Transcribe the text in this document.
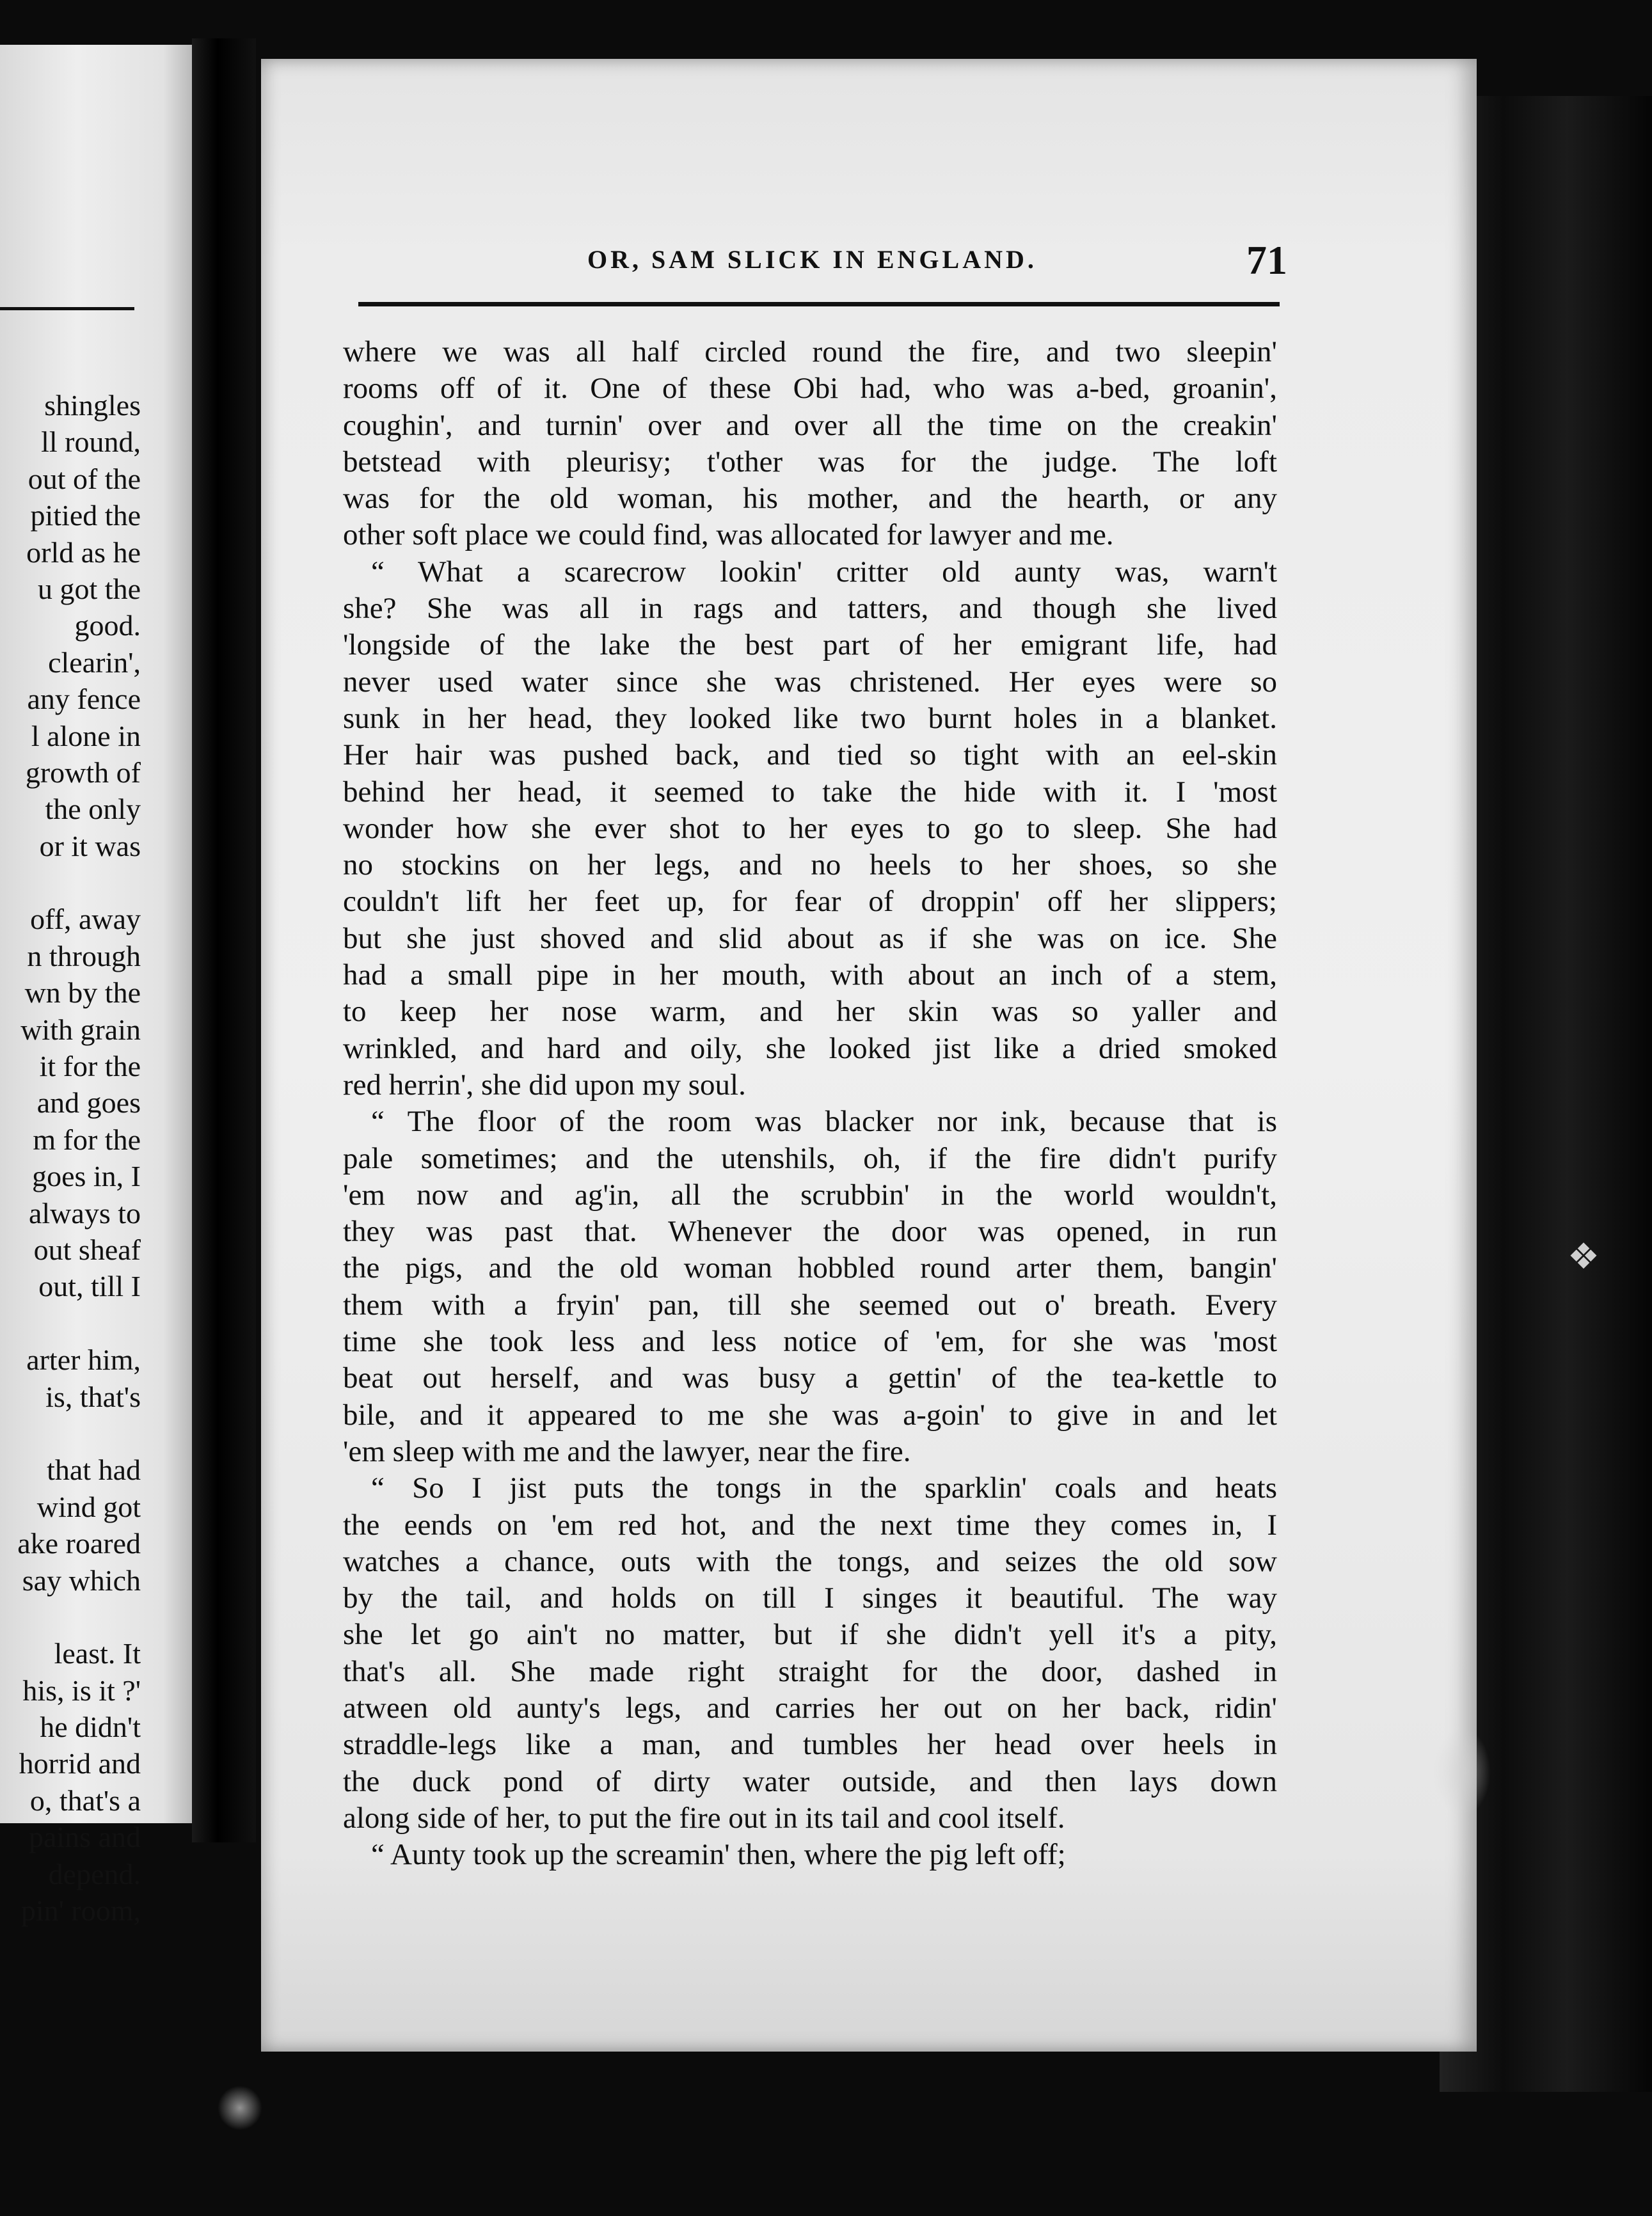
shingles
ll round,
out of the
pitied the
orld as he
u got the
good.
clearin',
any fence
l alone in
growth of
the only
or it was
off, away
n through
wn by the
with grain
it for the
and goes
m for the
goes in, I
always to
out sheaf
out, till I
arter him,
is, that's
that had
wind got
ake roared
say which
least. It
his, is it ?'
he didn't
horrid and
o, that's a
pains and
depend.
pin' room,
OR, SAM SLICK IN ENGLAND.	71
where we was all half circled round the fire, and two sleepin'
rooms off of it. One of these Obi had, who was a-bed, groanin',
coughin', and turnin' over and over all the time on the creakin'
betstead with pleurisy; t'other was for the judge. The loft
was for the old woman, his mother, and the hearth, or any
other soft place we could find, was allocated for lawyer and me.
“ What a scarecrow lookin' critter old aunty was, warn't
she? She was all in rags and tatters, and though she lived
'longside of the lake the best part of her emigrant life, had
never used water since she was christened. Her eyes were so
sunk in her head, they looked like two burnt holes in a blanket.
Her hair was pushed back, and tied so tight with an eel-skin
behind her head, it seemed to take the hide with it. I 'most
wonder how she ever shot to her eyes to go to sleep. She had
no stockins on her legs, and no heels to her shoes, so she
couldn't lift her feet up, for fear of droppin' off her slippers;
but she just shoved and slid about as if she was on ice. She
had a small pipe in her mouth, with about an inch of a stem,
to keep her nose warm, and her skin was so yaller and
wrinkled, and hard and oily, she looked jist like a dried smoked
red herrin', she did upon my soul.
“ The floor of the room was blacker nor ink, because that is
pale sometimes; and the utenshils, oh, if the fire didn't purify
'em now and ag'in, all the scrubbin' in the world wouldn't,
they was past that. Whenever the door was opened, in run
the pigs, and the old woman hobbled round arter them, bangin'
them with a fryin' pan, till she seemed out o' breath. Every
time she took less and less notice of 'em, for she was 'most
beat out herself, and was busy a gettin' of the tea-kettle to
bile, and it appeared to me she was a-goin' to give in and let
'em sleep with me and the lawyer, near the fire.
“ So I jist puts the tongs in the sparklin' coals and heats
the eends on 'em red hot, and the next time they comes in, I
watches a chance, outs with the tongs, and seizes the old sow
by the tail, and holds on till I singes it beautiful. The way
she let go ain't no matter, but if she didn't yell it's a pity,
that's all. She made right straight for the door, dashed in
atween old aunty's legs, and carries her out on her back, ridin'
straddle-legs like a man, and tumbles her head over heels in
the duck pond of dirty water outside, and then lays down
along side of her, to put the fire out in its tail and cool itself.
“ Aunty took up the screamin' then, where the pig left off;
❖
